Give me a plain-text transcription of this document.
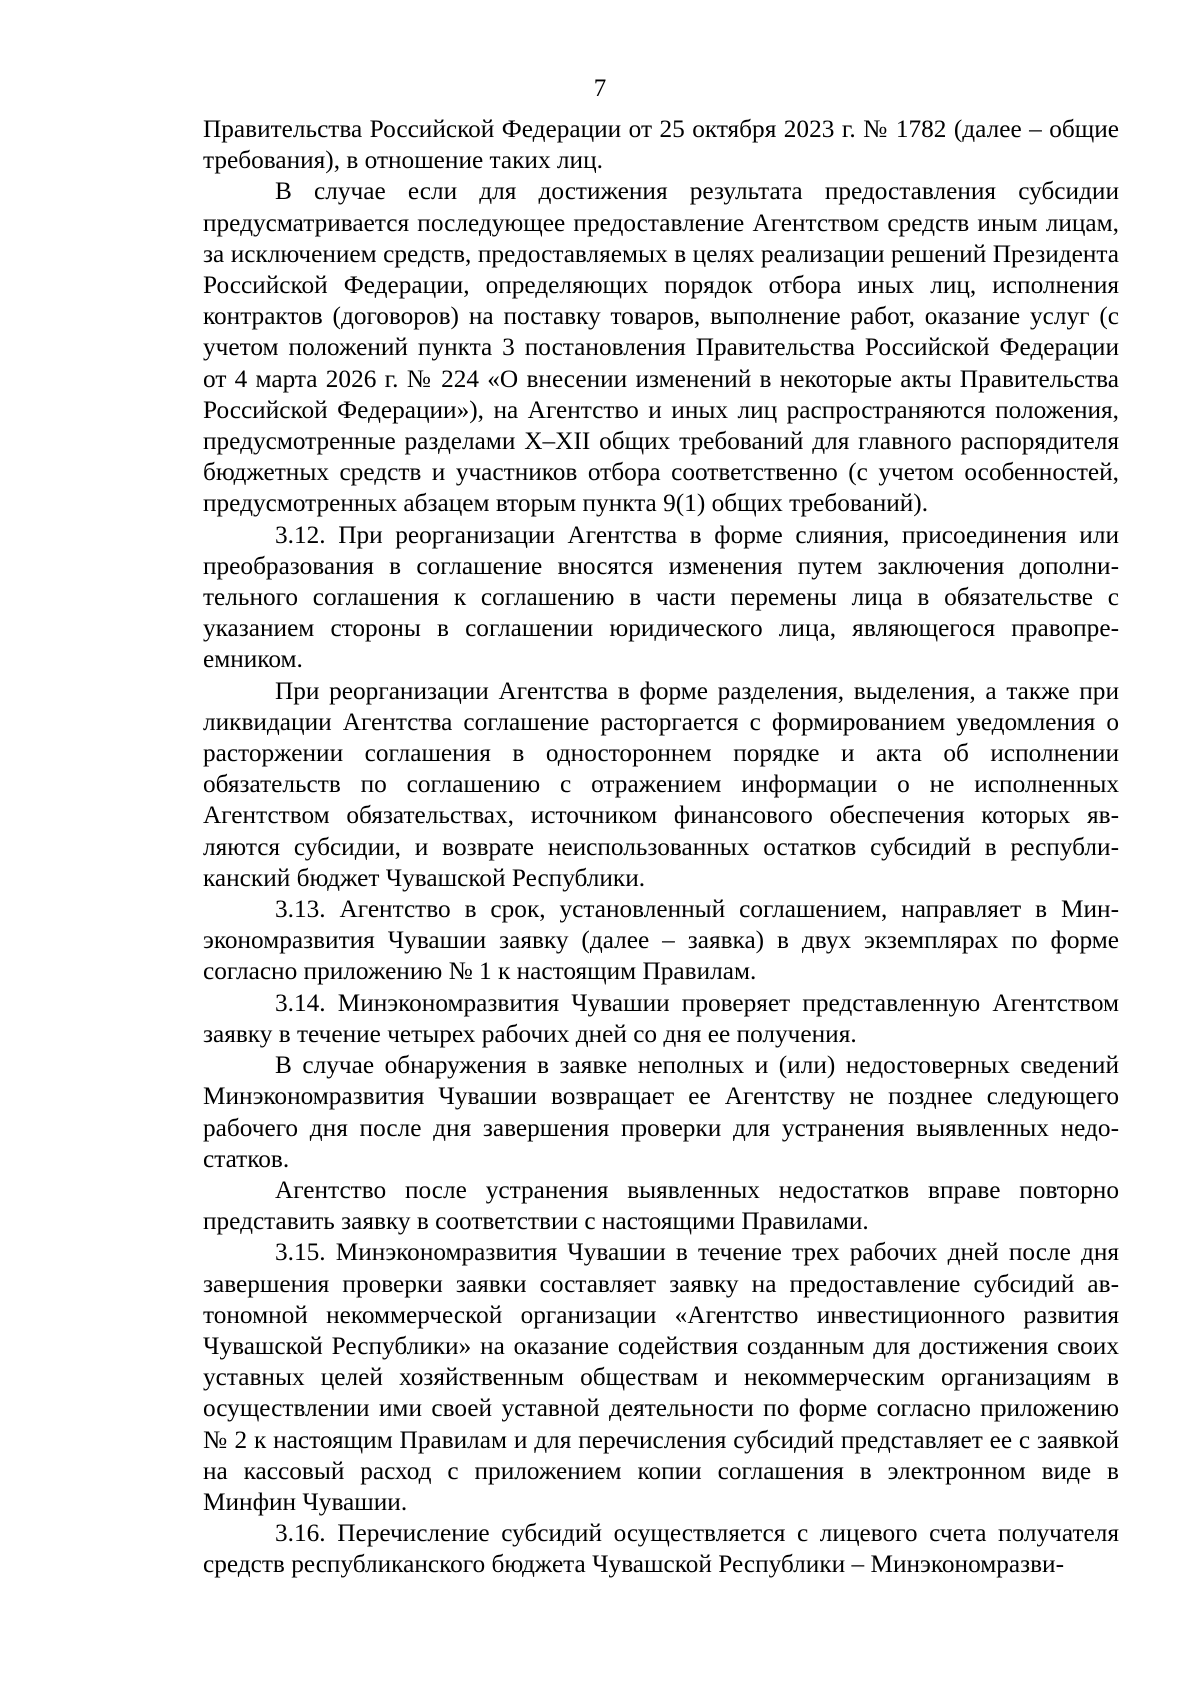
7

Правительства Российской Федерации от 25 октября 2023 г. № 1782 (далее – общие требования), в отношение таких лиц.

В случае если для достижения результата предоставления субсидии предусматривается последующее предоставление Агентством средств иным лицам, за исключением средств, предоставляемых в целях реализации решений Президента Российской Федерации, определяющих порядок отбора иных лиц, исполнения контрактов (договоров) на поставку товаров, выполнение работ, оказание услуг (с учетом положений пункта 3 постановления Правительства Российской Федерации от 4 марта 2026 г. № 224 «О внесении изменений в некоторые акты Правительства Российской Федерации»), на Агентство и иных лиц распространяются положения, предусмотренные разделами X–XII общих требований для главного распорядителя бюджетных средств и участников отбора соответственно (с учетом особенностей, предусмотренных абзацем вторым пункта 9(1) общих требований).

3.12. При реорганизации Агентства в форме слияния, присоединения или преобразования в соглашение вносятся изменения путем заключения дополнительного соглашения к соглашению в части перемены лица в обязательстве с указанием стороны в соглашении юридического лица, являющегося правопреемником.

При реорганизации Агентства в форме разделения, выделения, а также при ликвидации Агентства соглашение расторгается с формированием уведомления о расторжении соглашения в одностороннем порядке и акта об исполнении обязательств по соглашению с отражением информации о не исполненных Агентством обязательствах, источником финансового обеспечения которых являются субсидии, и возврате неиспользованных остатков субсидий в республиканский бюджет Чувашской Республики.

3.13. Агентство в срок, установленный соглашением, направляет в Минэкономразвития Чувашии заявку (далее – заявка) в двух экземплярах по форме согласно приложению № 1 к настоящим Правилам.

3.14. Минэкономразвития Чувашии проверяет представленную Агентством заявку в течение четырех рабочих дней со дня ее получения.

В случае обнаружения в заявке неполных и (или) недостоверных сведений Минэкономразвития Чувашии возвращает ее Агентству не позднее следующего рабочего дня после дня завершения проверки для устранения выявленных недостатков.

Агентство после устранения выявленных недостатков вправе повторно представить заявку в соответствии с настоящими Правилами.

3.15. Минэкономразвития Чувашии в течение трех рабочих дней после дня завершения проверки заявки составляет заявку на предоставление субсидий автономной некоммерческой организации «Агентство инвестиционного развития Чувашской Республики» на оказание содействия созданным для достижения своих уставных целей хозяйственным обществам и некоммерческим организациям в осуществлении ими своей уставной деятельности по форме согласно приложению № 2 к настоящим Правилам и для перечисления субсидий представляет ее с заявкой на кассовый расход с приложением копии соглашения в электронном виде в Минфин Чувашии.

3.16. Перечисление субсидий осуществляется с лицевого счета получателя средств республиканского бюджета Чувашской Республики – Минэкономразви-
